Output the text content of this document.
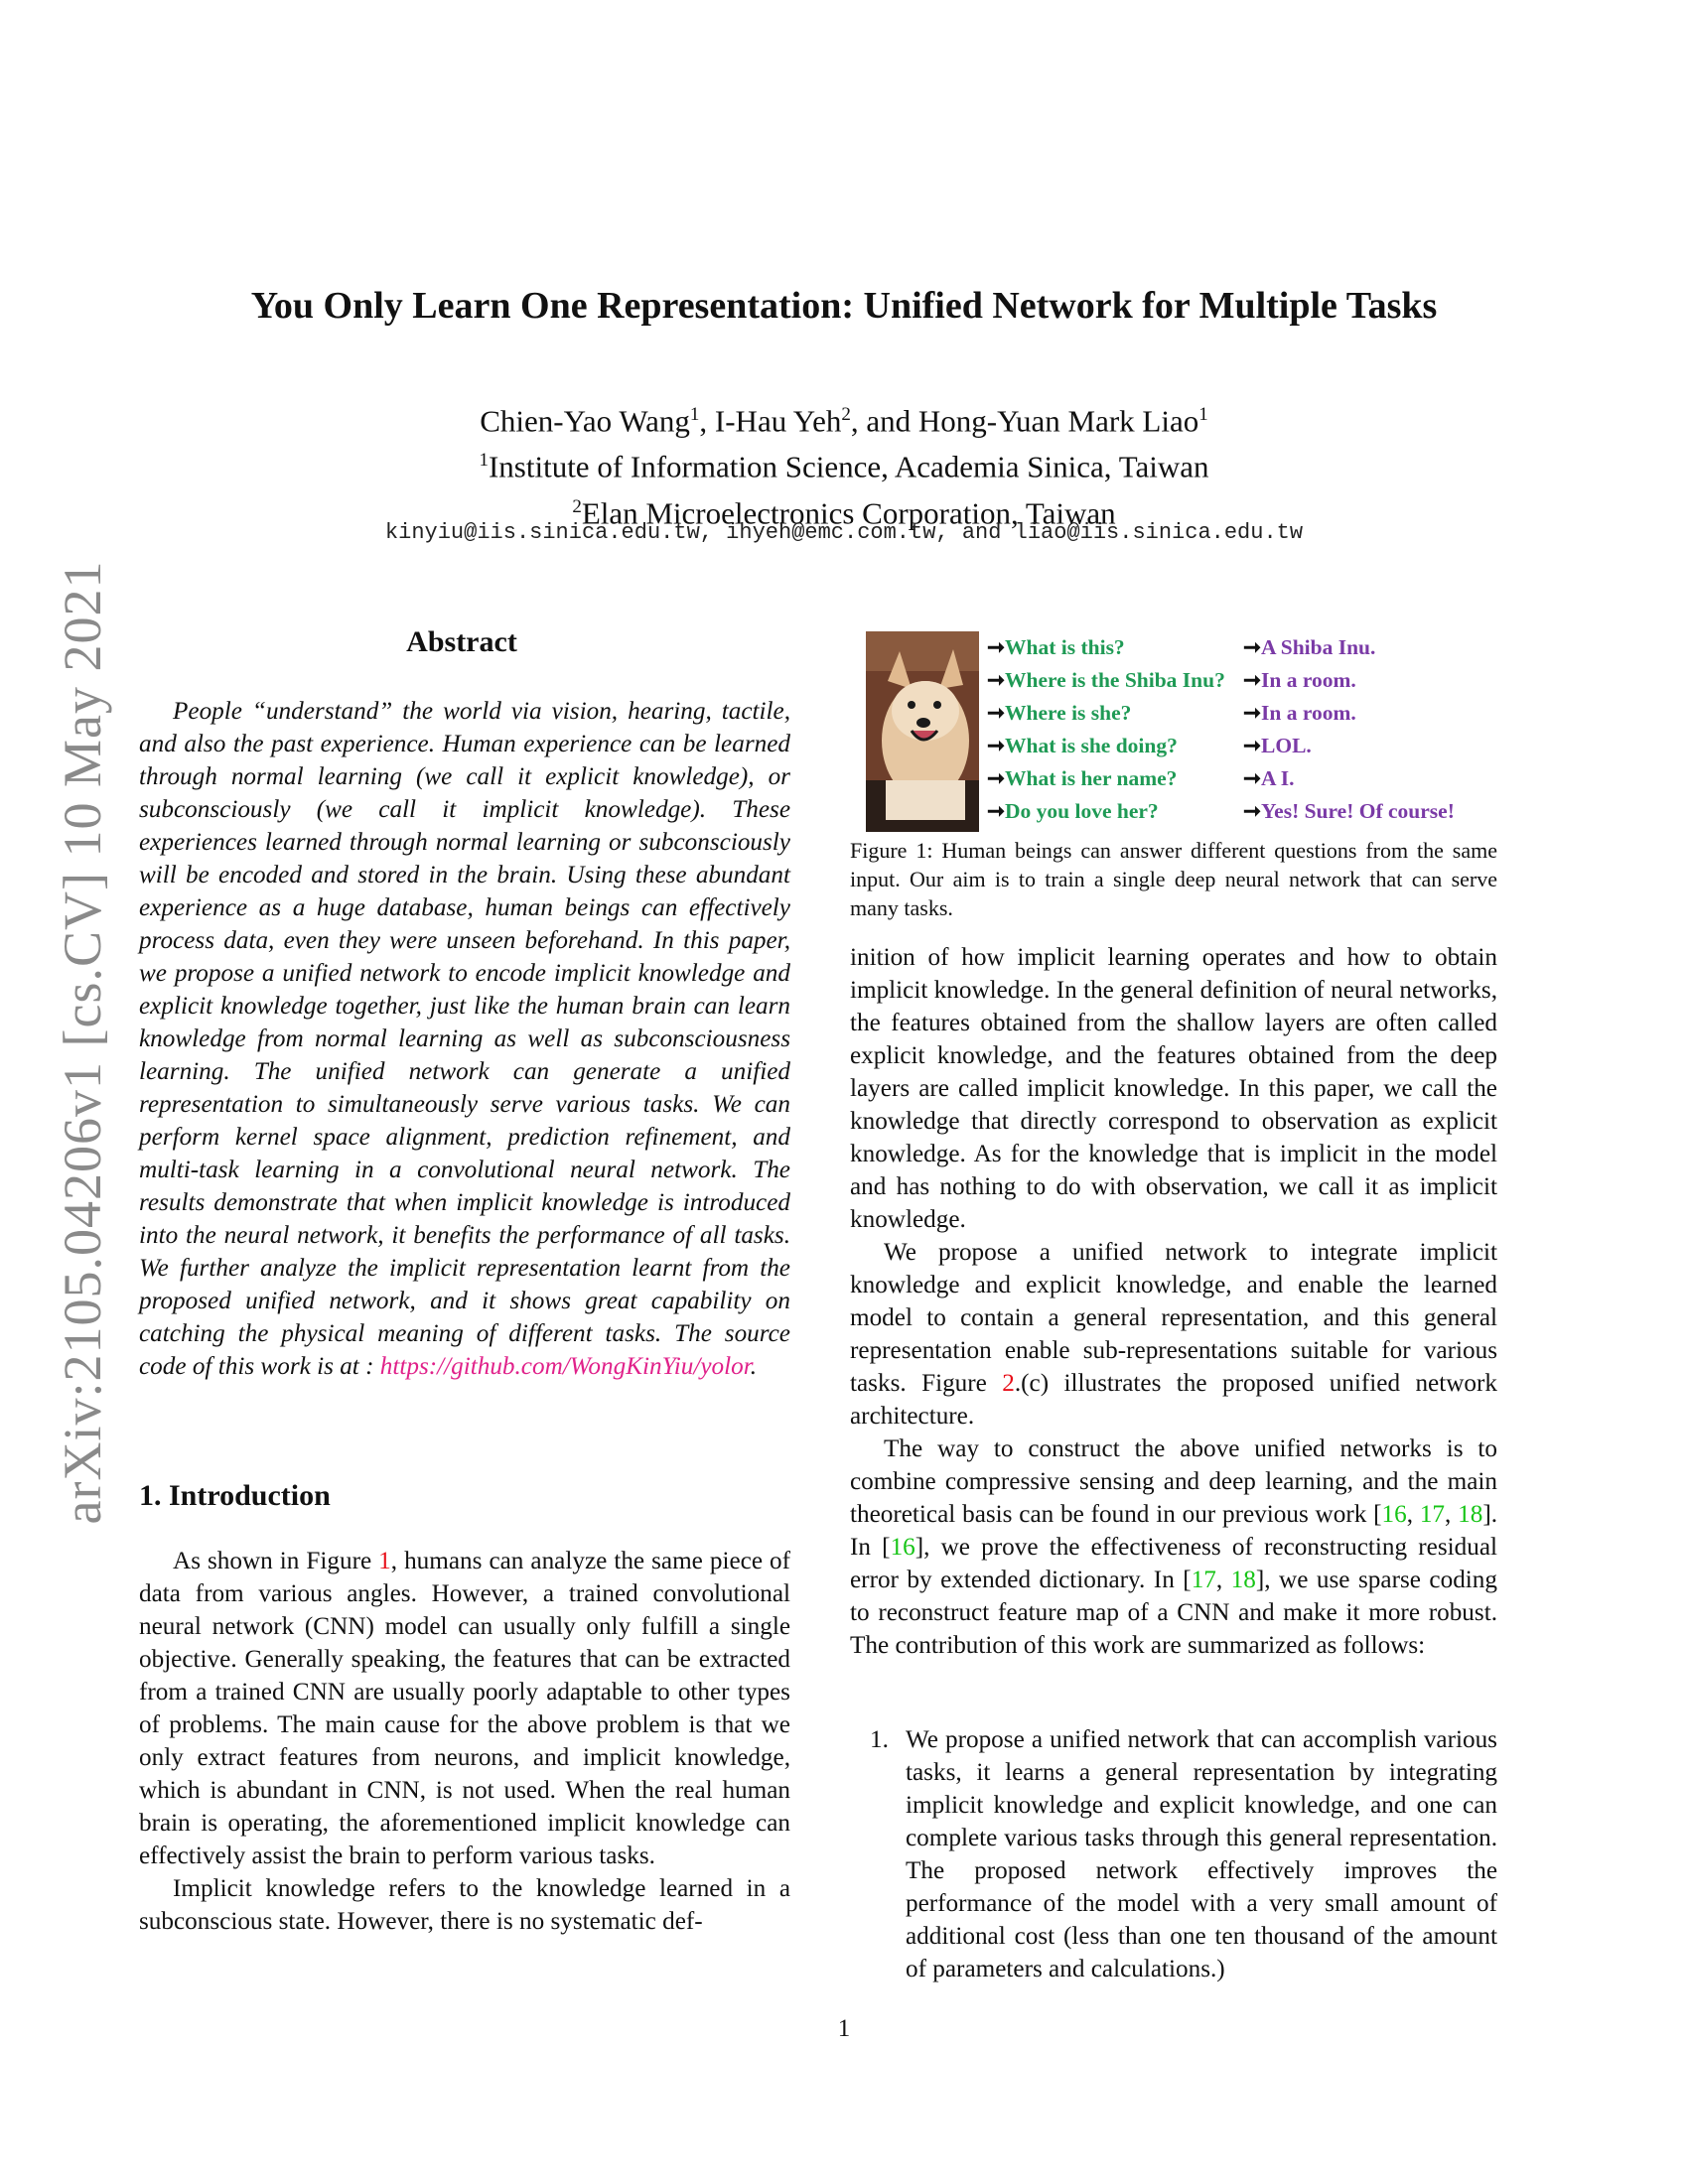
arXiv:2105.04206v1 [cs.CV] 10 May 2021
You Only Learn One Representation: Unified Network for Multiple Tasks
Chien-Yao Wang$^1$, I-Hau Yeh$^2$, and Hong-Yuan Mark Liao$^1$
$^1$Institute of Information Science, Academia Sinica, Taiwan
$^2$Elan Microelectronics Corporation, Taiwan
kinyiu@iis.sinica.edu.tw, ihyeh@emc.com.tw, and liao@iis.sinica.edu.tw
Abstract

People “understand” the world via vision, hearing, tactile, and also the past experience. Human experience can be learned through normal learning (we call it explicit knowledge), or subconsciously (we call it implicit knowledge). These experiences learned through normal learning or subconsciously will be encoded and stored in the brain. Using these abundant experience as a huge database, human beings can effectively process data, even they were unseen beforehand. In this paper, we propose a unified network to encode implicit knowledge and explicit knowledge together, just like the human brain can learn knowledge from normal learning as well as subconsciousness learning. The unified network can generate a unified representation to simultaneously serve various tasks. We can perform kernel space alignment, prediction refinement, and multi-task learning in a convolutional neural network. The results demonstrate that when implicit knowledge is introduced into the neural network, it benefits the performance of all tasks. We further analyze the implicit representation learnt from the proposed unified network, and it shows great capability on catching the physical meaning of different tasks. The source code of this work is at : https://github.com/WongKinYiu/yolor.

1. Introduction

As shown in Figure 1, humans can analyze the same piece of data from various angles. However, a trained convolutional neural network (CNN) model can usually only fulfill a single objective. Generally speaking, the features that can be extracted from a trained CNN are usually poorly adaptable to other types of problems. The main cause for the above problem is that we only extract features from neurons, and implicit knowledge, which is abundant in CNN, is not used. When the real human brain is operating, the aforementioned implicit knowledge can effectively assist the brain to perform various tasks.

Implicit knowledge refers to the knowledge learned in a subconscious state. However, there is no systematic def-

➞What is this?
➞Where is the Shiba Inu?
➞Where is she?
➞What is she doing?
➞What is her name?
➞Do you love her?
➞A Shiba Inu.
➞In a room.
➞In a room.
➞LOL.
➞A I.
➞Yes! Sure! Of course!
Figure 1: Human beings can answer different questions from the same input. Our aim is to train a single deep neural network that can serve many tasks.

inition of how implicit learning operates and how to obtain implicit knowledge. In the general definition of neural networks, the features obtained from the shallow layers are often called explicit knowledge, and the features obtained from the deep layers are called implicit knowledge. In this paper, we call the knowledge that directly correspond to observation as explicit knowledge. As for the knowledge that is implicit in the model and has nothing to do with observation, we call it as implicit knowledge.

We propose a unified network to integrate implicit knowledge and explicit knowledge, and enable the learned model to contain a general representation, and this general representation enable sub-representations suitable for various tasks. Figure 2.(c) illustrates the proposed unified network architecture.

The way to construct the above unified networks is to combine compressive sensing and deep learning, and the main theoretical basis can be found in our previous work [16, 17, 18]. In [16], we prove the effectiveness of reconstructing residual error by extended dictionary. In [17, 18], we use sparse coding to reconstruct feature map of a CNN and make it more robust. The contribution of this work are summarized as follows:

1. We propose a unified network that can accomplish various tasks, it learns a general representation by integrating implicit knowledge and explicit knowledge, and one can complete various tasks through this general representation. The proposed network effectively improves the performance of the model with a very small amount of additional cost (less than one ten thousand of the amount of parameters and calculations.)
1
